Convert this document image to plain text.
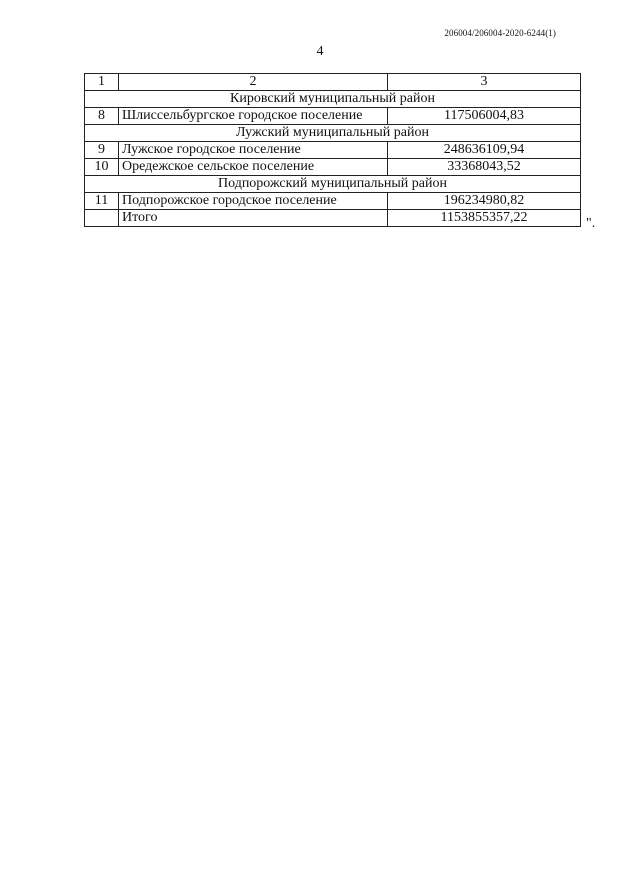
206004/206004-2020-6244(1)
4
1	2	3
Кировский муниципальный район		
8	Шлиссельбургское городское поселение	117506004,83
Лужский муниципальный район		
9	Лужское городское поселение	248636109,94
10	Оредежское сельское поселение	33368043,52
Подпорожский муниципальный район		
11	Подпорожское городское поселение	196234980,82
	Итого	1153855357,22	".
